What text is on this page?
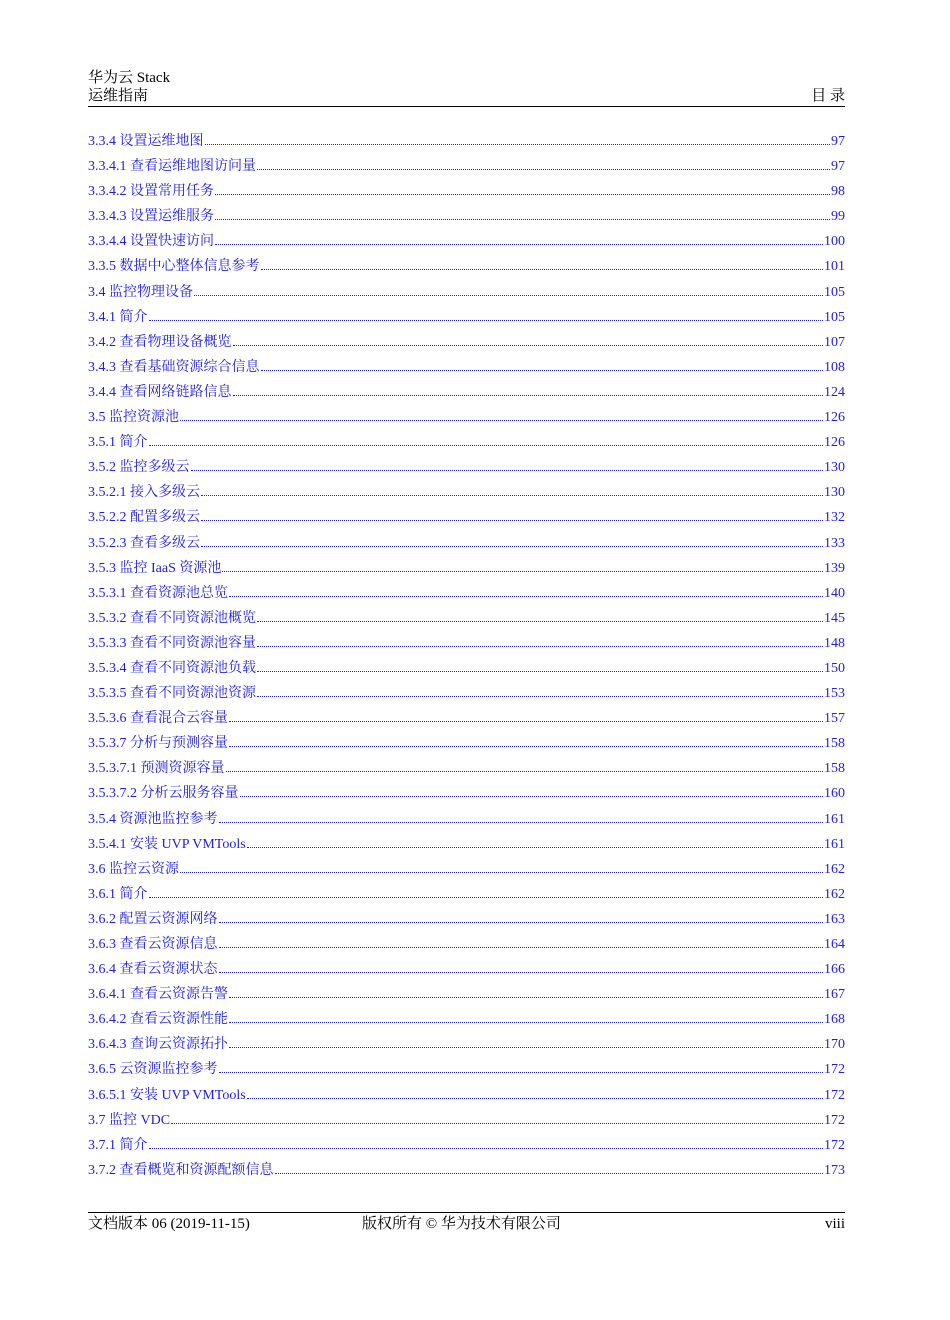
华为云 Stack
运维指南	目 录
3.3.4 设置运维地图	97
3.3.4.1 查看运维地图访问量	97
3.3.4.2 设置常用任务	98
3.3.4.3 设置运维服务	99
3.3.4.4 设置快速访问	100
3.3.5 数据中心整体信息参考	101
3.4 监控物理设备	105
3.4.1 简介	105
3.4.2 查看物理设备概览	107
3.4.3 查看基础资源综合信息	108
3.4.4 查看网络链路信息	124
3.5 监控资源池	126
3.5.1 简介	126
3.5.2 监控多级云	130
3.5.2.1 接入多级云	130
3.5.2.2 配置多级云	132
3.5.2.3 查看多级云	133
3.5.3 监控 IaaS 资源池	139
3.5.3.1 查看资源池总览	140
3.5.3.2 查看不同资源池概览	145
3.5.3.3 查看不同资源池容量	148
3.5.3.4 查看不同资源池负载	150
3.5.3.5 查看不同资源池资源	153
3.5.3.6 查看混合云容量	157
3.5.3.7 分析与预测容量	158
3.5.3.7.1 预测资源容量	158
3.5.3.7.2 分析云服务容量	160
3.5.4 资源池监控参考	161
3.5.4.1 安装 UVP VMTools	161
3.6 监控云资源	162
3.6.1 简介	162
3.6.2 配置云资源网络	163
3.6.3 查看云资源信息	164
3.6.4 查看云资源状态	166
3.6.4.1 查看云资源告警	167
3.6.4.2 查看云资源性能	168
3.6.4.3 查询云资源拓扑	170
3.6.5 云资源监控参考	172
3.6.5.1 安装 UVP VMTools	172
3.7 监控 VDC	172
3.7.1 简介	172
3.7.2 查看概览和资源配额信息	173
文档版本 06 (2019-11-15)	版权所有 © 华为技术有限公司	viii
